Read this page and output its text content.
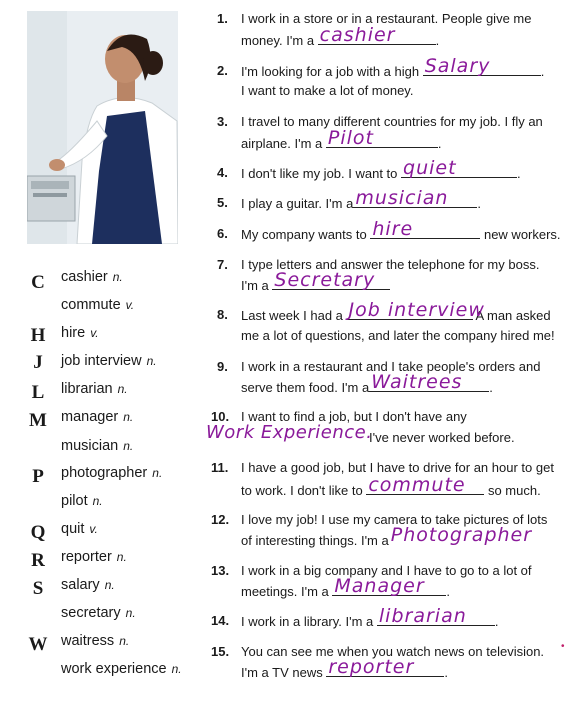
C cashier n.
commute v.
H hire v.
J	job interview n.
L	librarian n.
M manager n.
musician n.
P	photographer n.
pilot n.
Q quit v.
R reporter n.
S	salary n.
secretary n.
W waitress n.
work experience n.
1. I work in a store or in a restaurant. People give me
money. I'm a cashier	.
2. I'm looking for a job with a high Salary	.
I want to make a lot of money.
3. I travel to many different countries for my job. I fly an
airplane. I'm a Pilot	.
4. I don't like my job. I want to quiet	.
5. I play a guitar. I'm a musician .
6. My company wants to hire	new workers.
7. I type letters and answer the telephone for my boss.
I'm a Secretary
8. Last week I had a Job interview
A man asked
me a lot of questions, and later the company hired me!
9. I work in a restaurant and I take people's orders and
serve them food. I'm a Waitrees .
10. I want to find a job, but I don't have any
Work Experience.
I've never worked before.
11. I have a good job, but I have to drive for an hour to get
to work. I don't like to commute so much.
12. I love my job! I use my camera to take pictures of lots
of interesting things. I'm a Photographer
13. I work in a big company and I have to go to a lot of
meetings. I'm a Manager .
14. I work in a library. I'm a librarian .
15. You can see me when you watch news on television.
I'm a TV news reporter .
•
